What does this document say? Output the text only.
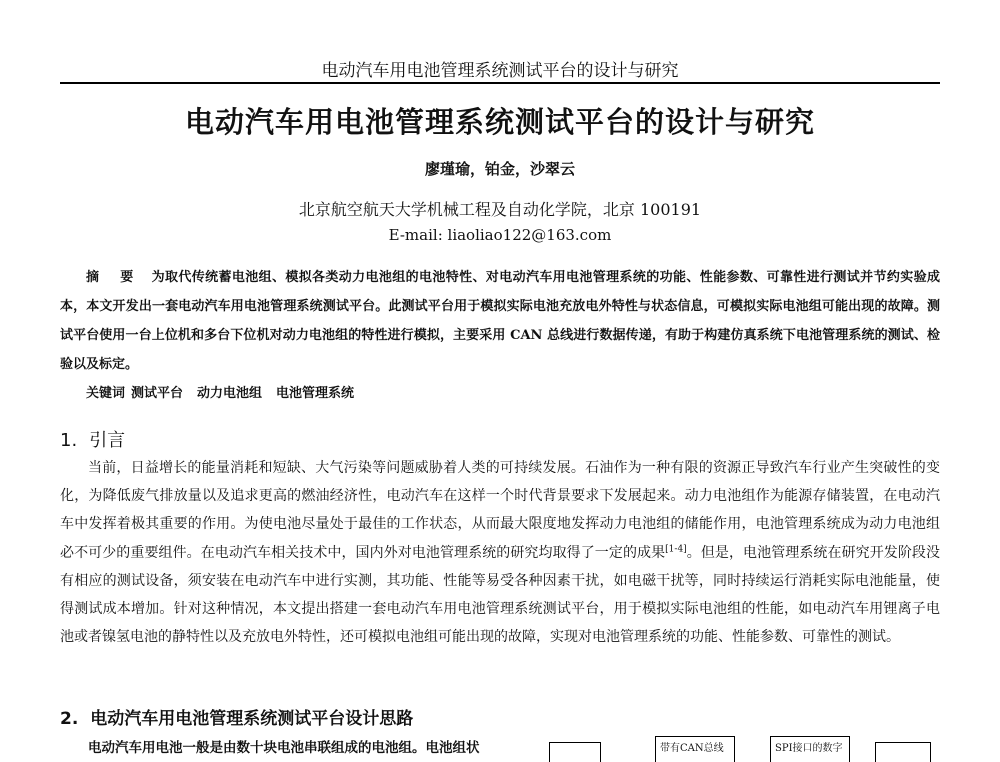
电动汽车用电池管理系统测试平台的设计与研究
电动汽车用电池管理系统测试平台的设计与研究
廖瑾瑜，铂金，沙翠云
北京航空航天大学机械工程及自动化学院，北京 100191
E-mail: liaoliao122@163.com

摘 要 为取代传统蓄电池组、模拟各类动力电池组的电池特性、对电动汽车用电池管理系统的功能、性能参数、可靠性进行测试并节约实验成本，本文开发出一套电动汽车用电池管理系统测试平台。此测试平台用于模拟实际电池充放电外特性与状态信息，可模拟实际电池组可能出现的故障。测试平台使用一台上位机和多台下位机对动力电池组的特性进行模拟，主要采用 CAN 总线进行数据传递，有助于构建仿真系统下电池管理系统的测试、检验以及标定。

关键词 测试平台 动力电池组 电池管理系统

1. 引言

当前，日益增长的能量消耗和短缺、大气污染等问题威胁着人类的可持续发展。石油作为一种有限的资源正导致汽车行业产生突破性的变化，为降低废气排放量以及追求更高的燃油经济性，电动汽车在这样一个时代背景要求下发展起来。动力电池组作为能源存储装置，在电动汽车中发挥着极其重要的作用。为使电池尽量处于最佳的工作状态，从而最大限度地发挥动力电池组的储能作用，电池管理系统成为动力电池组必不可少的重要组件。在电动汽车相关技术中，国内外对电池管理系统的研究均取得了一定的成果[1-4]。但是，电池管理系统在研究开发阶段没有相应的测试设备，须安装在电动汽车中进行实测，其功能、性能等易受各种因素干扰，如电磁干扰等，同时持续运行消耗实际电池能量，使得测试成本增加。针对这种情况，本文提出搭建一套电动汽车用电池管理系统测试平台，用于模拟实际电池组的性能，如电动汽车用锂离子电池或者镍氢电池的静特性以及充放电外特性，还可模拟电池组可能出现的故障，实现对电池管理系统的功能、性能参数、可靠性的测试。

2. 电动汽车用电池管理系统测试平台设计思路

电动汽车用电池一般是由数十块电池串联组成的电池组。电池组状	带有CAN总线	SPI接口的数字
